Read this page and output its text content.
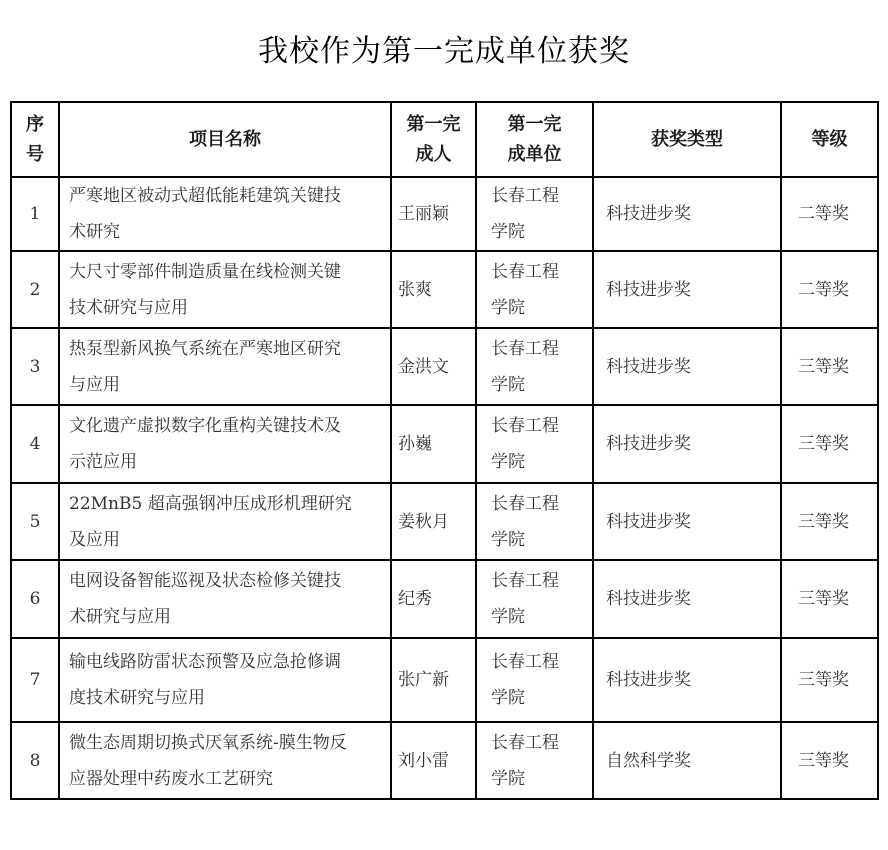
我校作为第一完成单位获奖
序号	项目名称	第一完成人	第一完成单位	获奖类型	等级
1	严寒地区被动式超低能耗建筑关键技术研究	王丽颖	长春工程学院	科技进步奖	二等奖
2	大尺寸零部件制造质量在线检测关键技术研究与应用	张爽	长春工程学院	科技进步奖	二等奖
3	热泵型新风换气系统在严寒地区研究与应用	金洪文	长春工程学院	科技进步奖	三等奖
4	文化遗产虚拟数字化重构关键技术及示范应用	孙巍	长春工程学院	科技进步奖	三等奖
5	22MnB5 超高强钢冲压成形机理研究及应用	姜秋月	长春工程学院	科技进步奖	三等奖
6	电网设备智能巡视及状态检修关键技术研究与应用	纪秀	长春工程学院	科技进步奖	三等奖
7	输电线路防雷状态预警及应急抢修调度技术研究与应用	张广新	长春工程学院	科技进步奖	三等奖
8	微生态周期切换式厌氧系统-膜生物反应器处理中药废水工艺研究	刘小雷	长春工程学院	自然科学奖	三等奖
